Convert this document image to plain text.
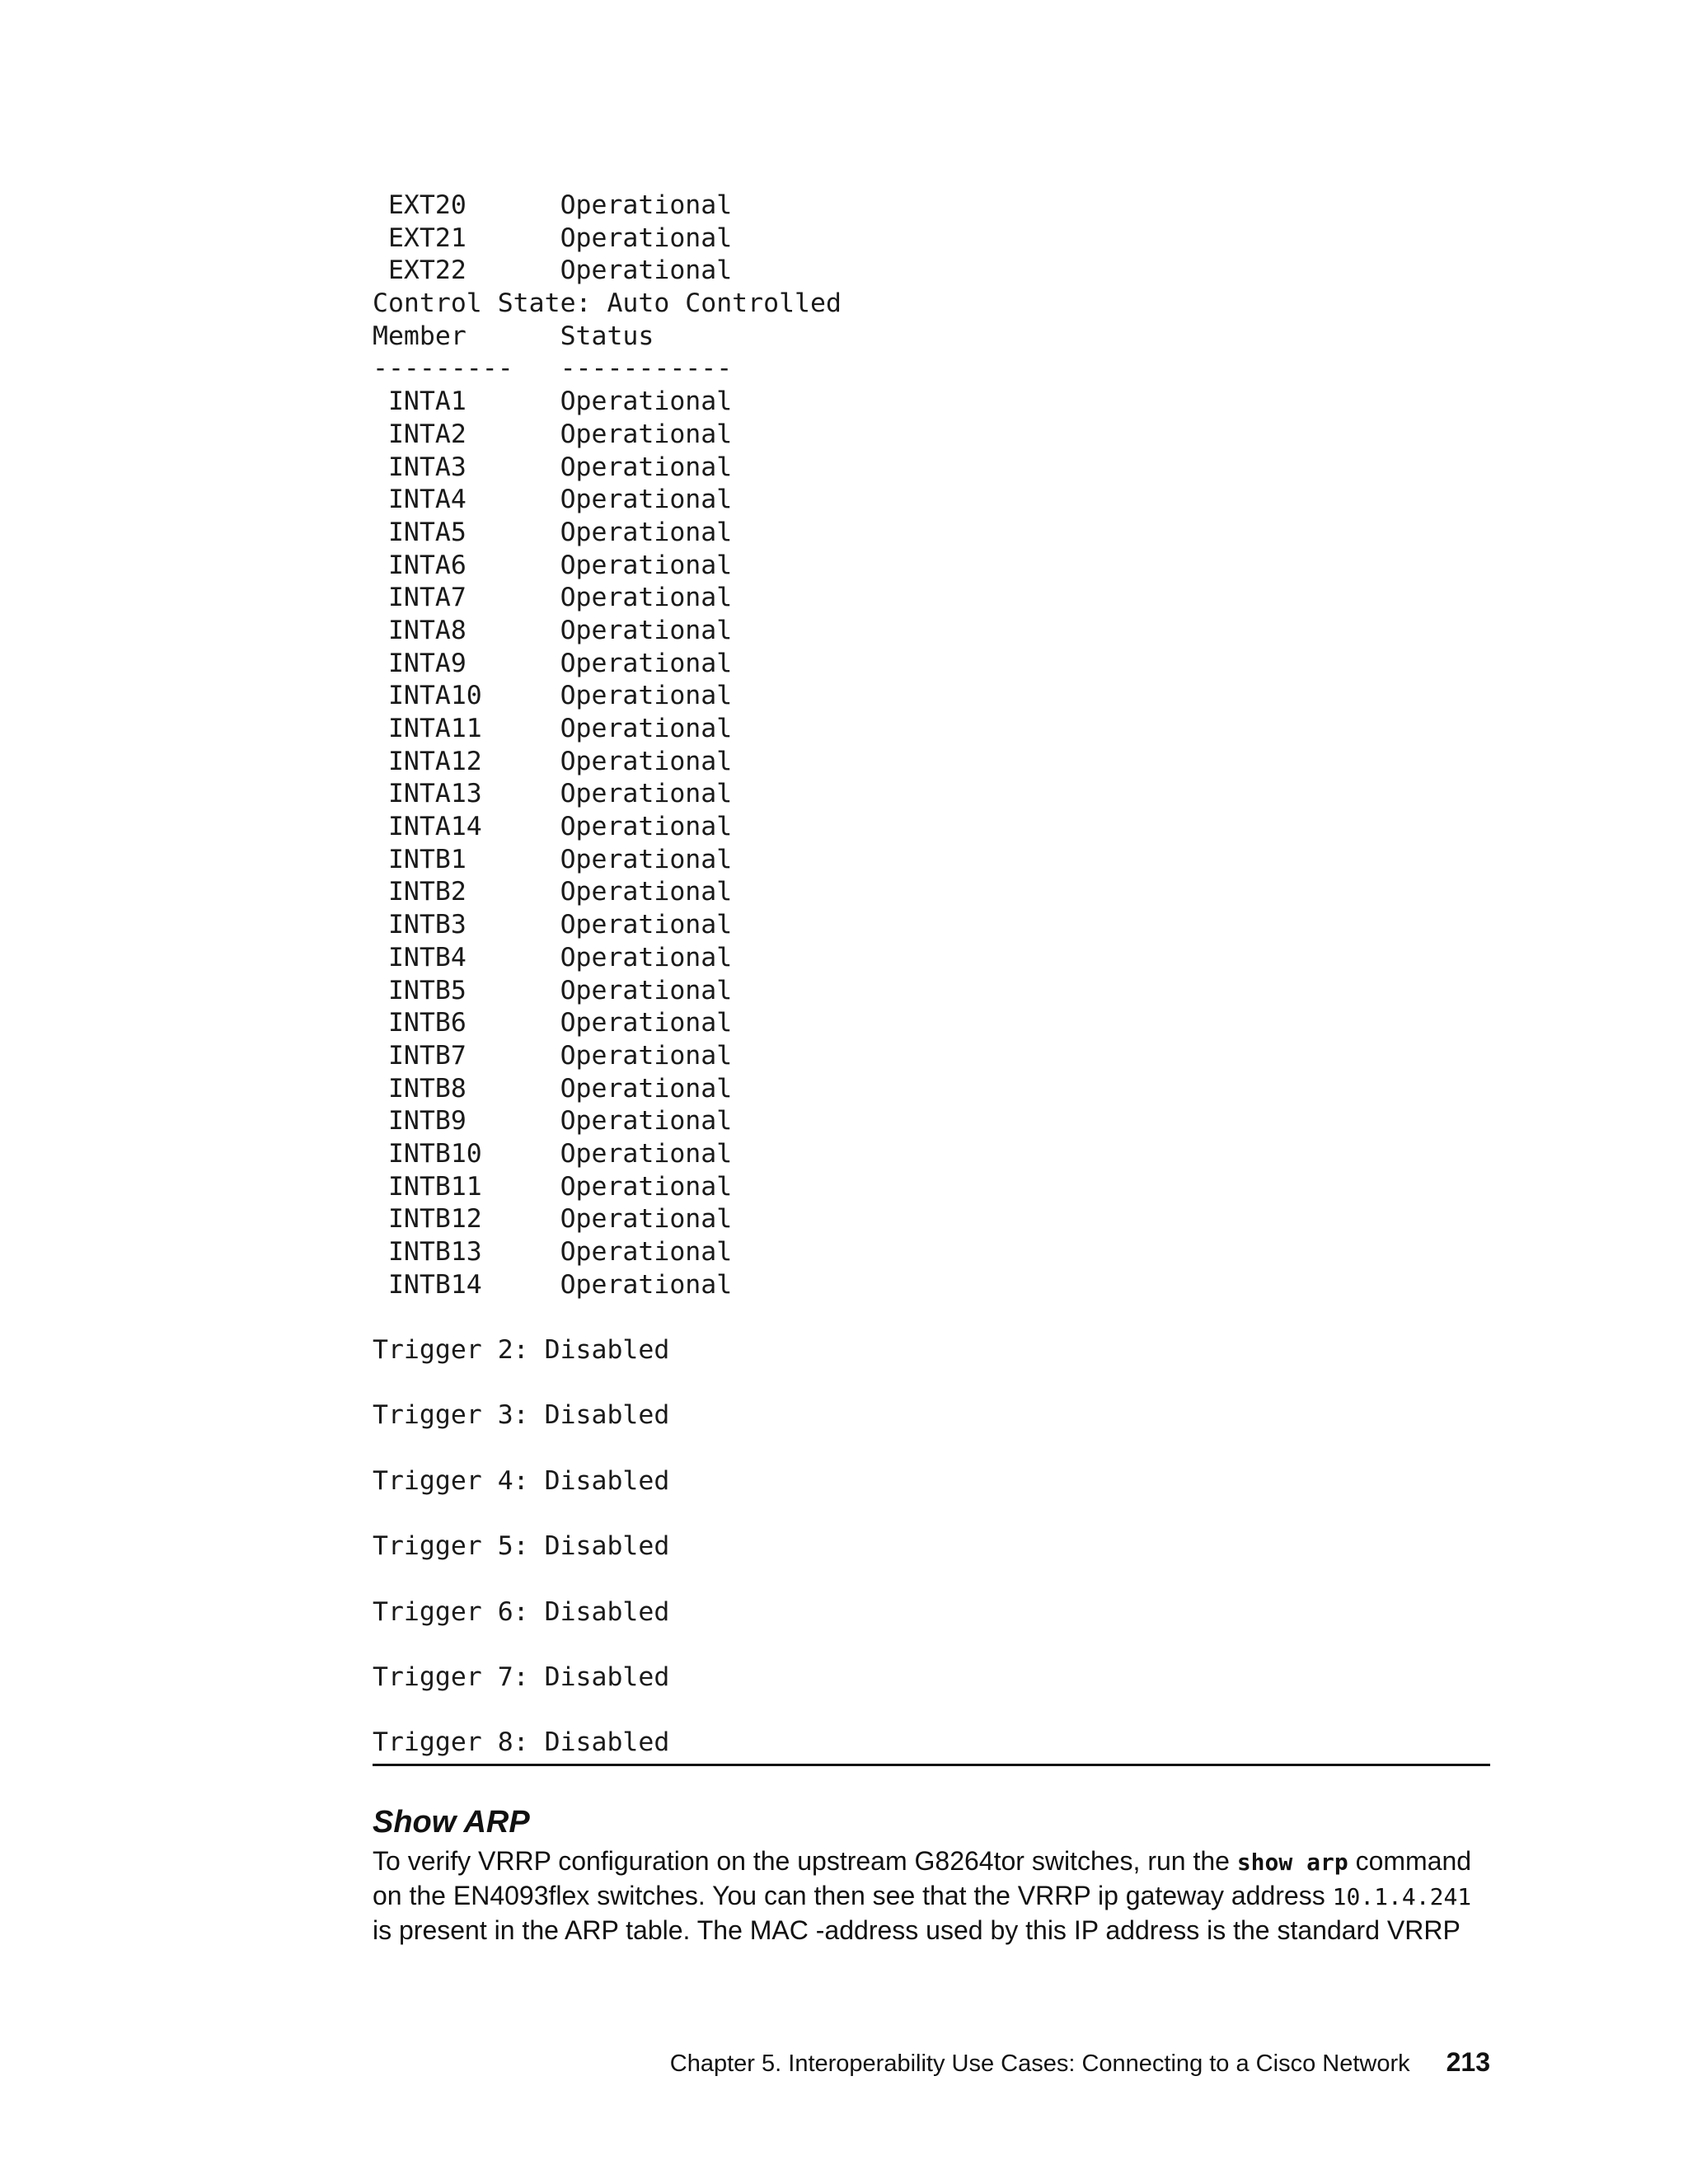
EXT20      Operational
EXT21      Operational
EXT22      Operational
Control State: Auto Controlled
Member      Status
---------   -----------
INTA1      Operational
INTA2      Operational
INTA3      Operational
INTA4      Operational
INTA5      Operational
INTA6      Operational
INTA7      Operational
INTA8      Operational
INTA9      Operational
INTA10     Operational
INTA11     Operational
INTA12     Operational
INTA13     Operational
INTA14     Operational
INTB1      Operational
INTB2      Operational
INTB3      Operational
INTB4      Operational
INTB5      Operational
INTB6      Operational
INTB7      Operational
INTB8      Operational
INTB9      Operational
INTB10     Operational
INTB11     Operational
INTB12     Operational
INTB13     Operational
INTB14     Operational
Trigger 2: Disabled
Trigger 3: Disabled
Trigger 4: Disabled
Trigger 5: Disabled
Trigger 6: Disabled
Trigger 7: Disabled
Trigger 8: Disabled
Show ARP

To verify VRRP configuration on the upstream G8264tor switches, run the show arp command on the EN4093flex switches. You can then see that the VRRP ip gateway address 10.1.4.241 is present in the ARP table. The MAC -address used by this IP address is the standard VRRP

Chapter 5. Interoperability Use Cases: Connecting to a Cisco Network 213
